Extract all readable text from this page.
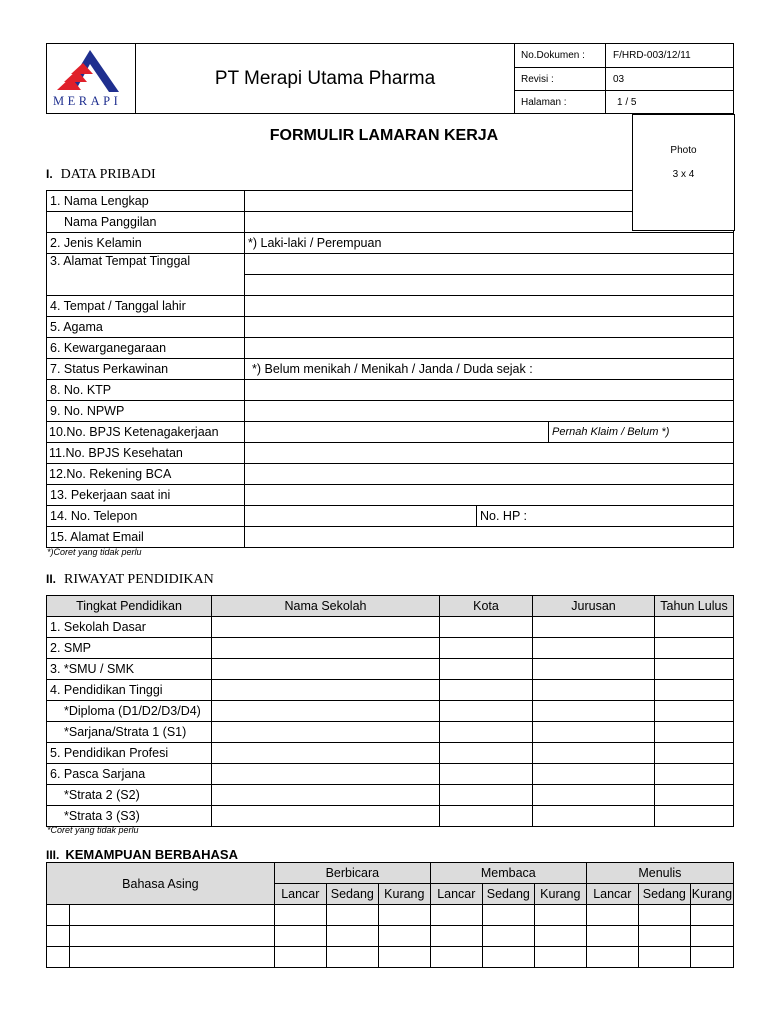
MERAPI	PT Merapi Utama Pharma	No.Dokumen :	F/HRD-003/12/11
		Revisi :	03
		Halaman :	1 / 5
FORMULIR LAMARAN KERJA
I. DATA PRIBADI
1. Nama Lengkap		
Nama Panggilan		
2. Jenis Kelamin	*) Laki-laki / Perempuan	
3. Alamat Tempat Tinggal		

4. Tempat / Tanggal lahir		
5. Agama		
6. Kewarganegaraan		
7. Status Perkawinan	*) Belum menikah / Menikah / Janda / Duda sejak :	
8. No. KTP		
9. No. NPWP		
10.No. BPJS Ketenagakerjaan		Pernah Klaim / Belum *)
11.No. BPJS Kesehatan		
12.No. Rekening BCA		
13. Pekerjaan saat ini		
14. No. Telepon	No. HP :	

15. Alamat Email		
*)Coret yang tidak perlu
Photo
3 x 4
II. RIWAYAT PENDIDIKAN
Tingkat Pendidikan	Nama Sekolah	Kota	Jurusan	Tahun Lulus
1. Sekolah Dasar				
2. SMP				
3. *SMU / SMK				
4. Pendidikan Tinggi				
*Diploma (D1/D2/D3/D4)				
*Sarjana/Strata 1 (S1)				
5. Pendidikan Profesi				
6. Pasca Sarjana				
*Strata 2 (S2)				
*Strata 3 (S3)				
*Coret yang tidak perlu
III. KEMAMPUAN BERBAHASA
Bahasa Asing		Berbicara			Membaca			Menulis		
		Lancar	Sedang	Kurang	Lancar	Sedang	Kurang	Lancar	Sedang	Kurang
